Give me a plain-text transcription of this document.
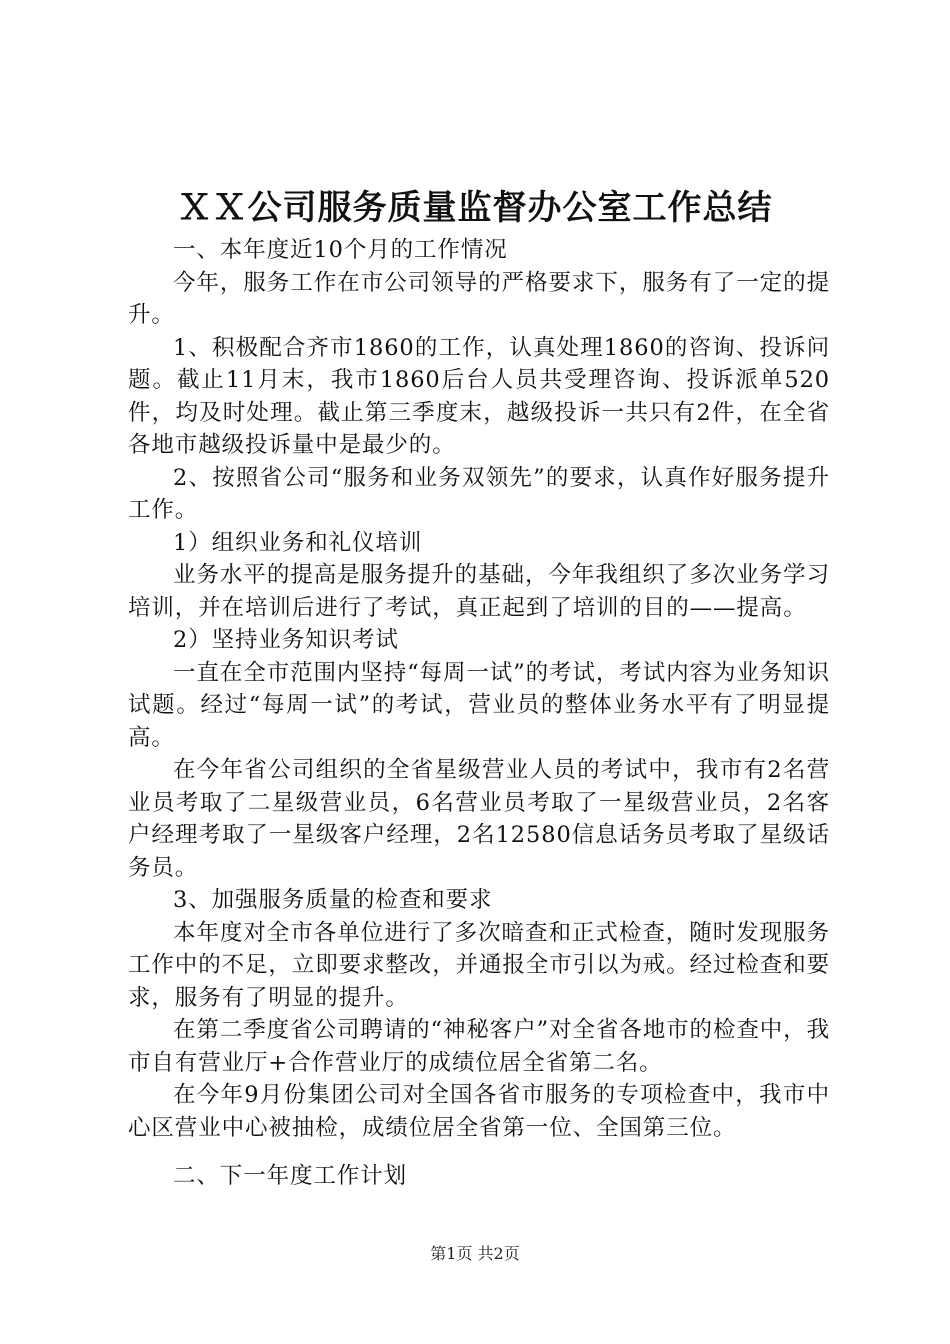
ＸＸ公司服务质量监督办公室工作总结

一、本年度近10个月的工作情况

今年，服务工作在市公司领导的严格要求下，服务有了一定的提升。

1、积极配合齐市1860的工作，认真处理1860的咨询、投诉问题。截止11月末，我市1860后台人员共受理咨询、投诉派单520件，均及时处理。截止第三季度末，越级投诉一共只有2件，在全省各地市越级投诉量中是最少的。

2、按照省公司“服务和业务双领先”的要求，认真作好服务提升工作。

1）组织业务和礼仪培训

业务水平的提高是服务提升的基础，今年我组织了多次业务学习培训，并在培训后进行了考试，真正起到了培训的目的——提高。

2）坚持业务知识考试

一直在全市范围内坚持“每周一试”的考试，考试内容为业务知识试题。经过“每周一试”的考试，营业员的整体业务水平有了明显提高。

在今年省公司组织的全省星级营业人员的考试中，我市有2名营业员考取了二星级营业员，6名营业员考取了一星级营业员，2名客户经理考取了一星级客户经理，2名12580信息话务员考取了星级话务员。

3、加强服务质量的检查和要求

本年度对全市各单位进行了多次暗查和正式检查，随时发现服务工作中的不足，立即要求整改，并通报全市引以为戒。经过检查和要求，服务有了明显的提升。

在第二季度省公司聘请的“神秘客户”对全省各地市的检查中，我市自有营业厅+合作营业厅的成绩位居全省第二名。

在今年9月份集团公司对全国各省市服务的专项检查中，我市中心区营业中心被抽检，成绩位居全省第一位、全国第三位。

二、下一年度工作计划

第1页 共2页
